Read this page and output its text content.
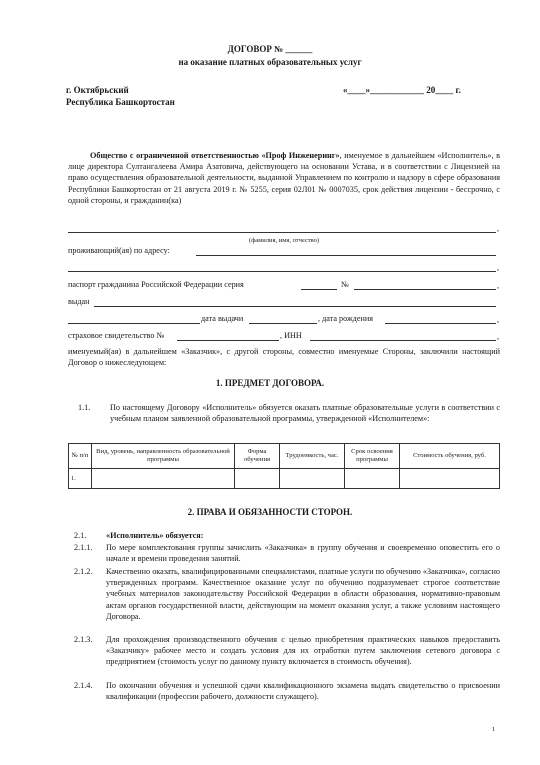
ДОГОВОР № ______
на оказание платных образовательных услуг
г. Октябрьский
Республика Башкортостан
«____»____________ 20____ г.
Общество с ограниченной ответственностью «Проф Инженеринг», именуемое в дальнейшем «Исполнитель», в лице директора Султангалеева Амира Азатовича, действующего на основании Устава, и в соответствии с Лицензией на право осуществления образовательной деятельности, выданной Управлением по контролю и надзору в сфере образования Республики Башкортостан от 21 августа 2019 г. № 5255, серия 02Л01 № 0007035, срок действия лицензии - бессрочно, с одной стороны, и гражданин(ка)
,
(фамилия, имя, отчество)
проживающий(ая) по адресу:
,
паспорт гражданина Российской Федерации серия	№	,
выдан
дата выдачи	, дата рождения	,
страховое свидетельство №	, ИНН	,
именуемый(ая) в дальнейшем «Заказчик», с другой стороны, совместно именуемые Стороны, заключили настоящий Договор о нижеследующем:
1. ПРЕДМЕТ ДОГОВОРА.
1.1. По настоящему Договору «Исполнитель» обязуется оказать платные образовательные услуги в соответствии с учебным планом заявленной образовательной программы, утвержденной «Исполнителем»:
№ п/п	Вид, уровень, направленность образовательной программы	Форма обучения	Трудоемкость, час.	Срок освоения программы	Стоимость обучения, руб.
1.					
2. ПРАВА И ОБЯЗАННОСТИ СТОРОН.
2.1. «Исполнитель» обязуется:
2.1.1. По мере комплектования группы зачислить «Заказчика» в группу обучения и своевременно оповестить его о начале и времени проведения занятий.
2.1.2. Качественно оказать, квалифицированными специалистами, платные услуги по обучению «Заказчика», согласно утвержденных программ. Качественное оказание услуг по обучению подразумевает строгое соответствие учебных материалов законодательству Российской Федерации в области образования, нормативно-правовым актам органов государственной власти, действующим на момент оказания услуг, а также условиям настоящего Договора.
2.1.3. Для прохождения производственного обучения с целью приобретения практических навыков предоставить «Заказчику» рабочее место и создать условия для их отработки путем заключения сетевого договора с предприятием (стоимость услуг по данному пункту включается в стоимость обучения).
2.1.4. По окончании обучения и успешной сдачи квалификационного экзамена выдать свидетельство о присвоении квалификации (профессии рабочего, должности служащего).
1
